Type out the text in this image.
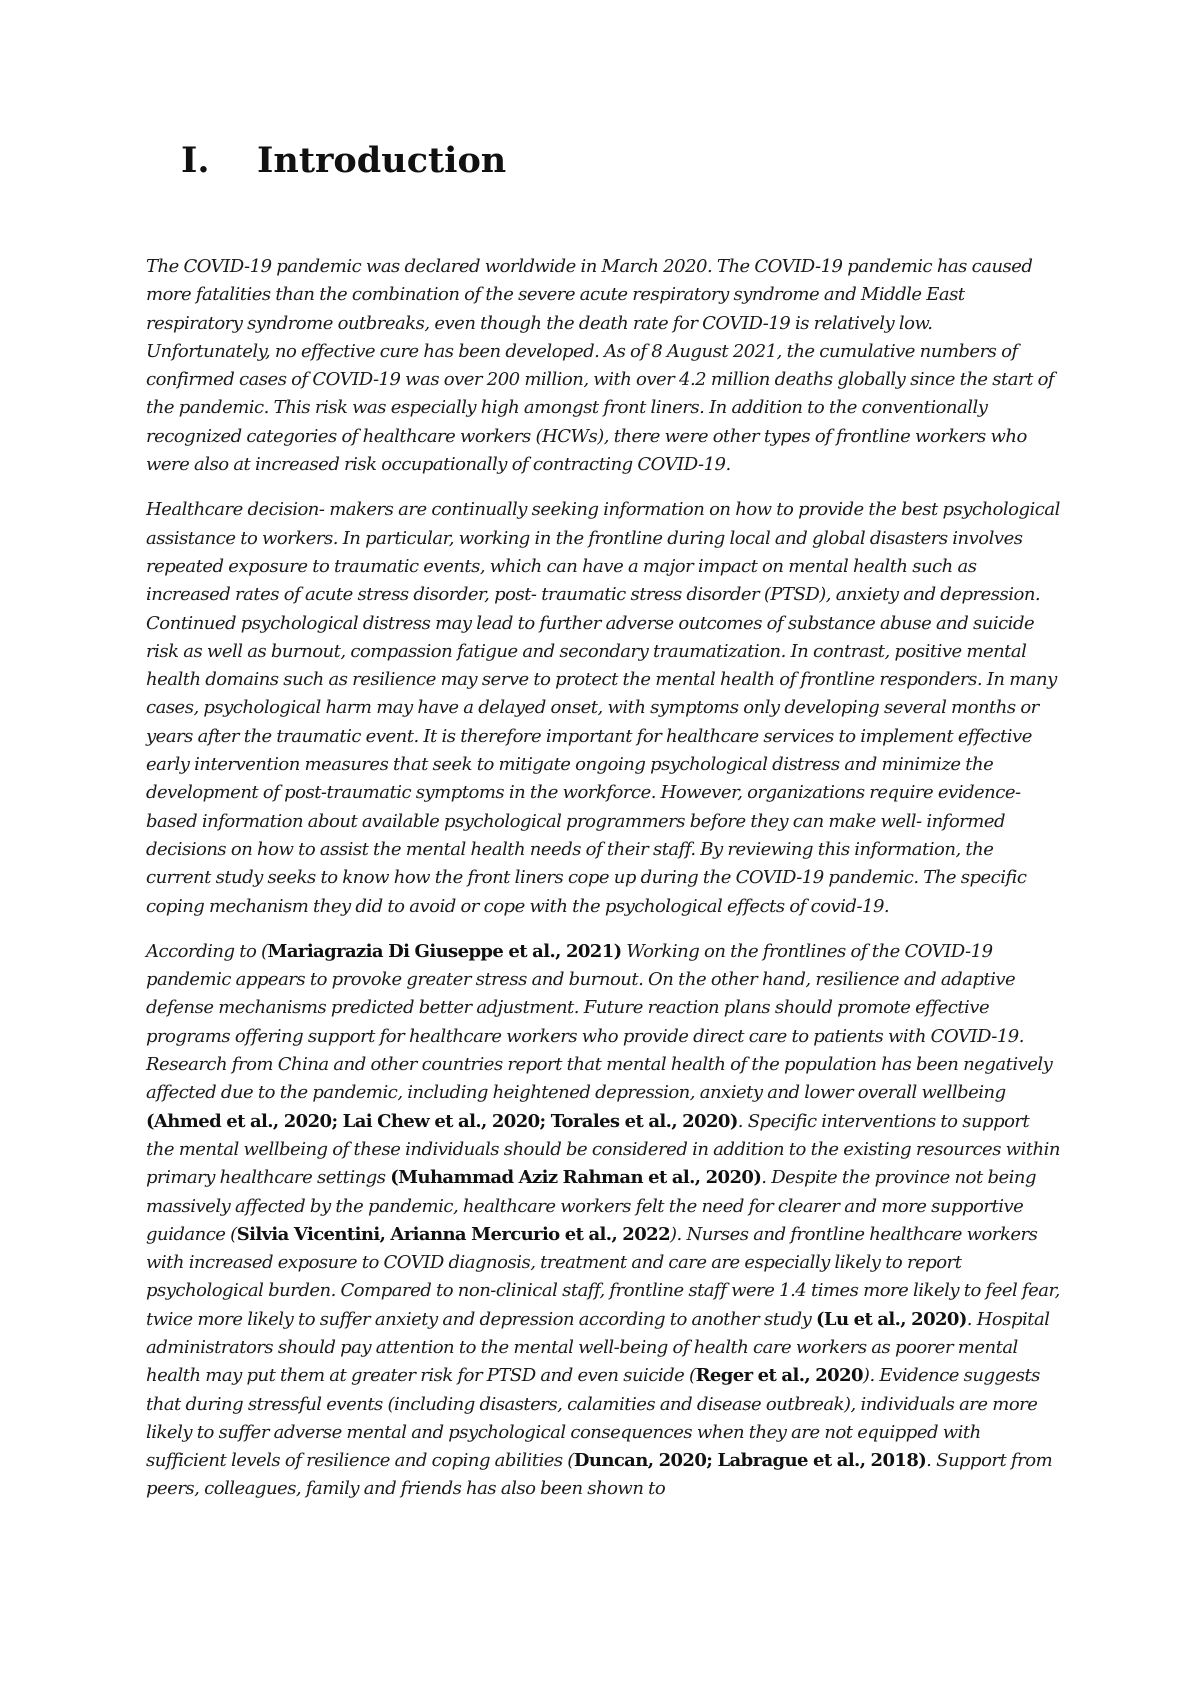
I.	Introduction

The COVID-19 pandemic was declared worldwide in March 2020. The COVID-19 pandemic has caused more fatalities than the combination of the severe acute respiratory syndrome and Middle East respiratory syndrome outbreaks, even though the death rate for COVID-19 is relatively low. Unfortunately, no effective cure has been developed. As of 8 August 2021, the cumulative numbers of confirmed cases of COVID-19 was over 200 million, with over 4.2 million deaths globally since the start of the pandemic. This risk was especially high amongst front liners. In addition to the conventionally recognized categories of healthcare workers (HCWs), there were other types of frontline workers who were also at increased risk occupationally of contracting COVID-19.

Healthcare decision- makers are continually seeking information on how to provide the best psychological assistance to workers. In particular, working in the frontline during local and global disasters involves repeated exposure to traumatic events, which can have a major impact on mental health such as increased rates of acute stress disorder, post- traumatic stress disorder (PTSD), anxiety and depression. Continued psychological distress may lead to further adverse outcomes of substance abuse and suicide risk as well as burnout, compassion fatigue and secondary traumatization. In contrast, positive mental health domains such as resilience may serve to protect the mental health of frontline responders. In many cases, psychological harm may have a delayed onset, with symptoms only developing several months or years after the traumatic event. It is therefore important for healthcare services to implement effective early intervention measures that seek to mitigate ongoing psychological distress and minimize the development of post-traumatic symptoms in the workforce. However, organizations require evidence- based information about available psychological programmers before they can make well- informed decisions on how to assist the mental health needs of their staff. By reviewing this information, the current study seeks to know how the front liners cope up during the COVID-19 pandemic. The specific coping mechanism they did to avoid or cope with the psychological effects of covid-19.

According to (Mariagrazia Di Giuseppe et al., 2021) Working on the frontlines of the COVID-19 pandemic appears to provoke greater stress and burnout. On the other hand, resilience and adaptive defense mechanisms predicted better adjustment. Future reaction plans should promote effective programs offering support for healthcare workers who provide direct care to patients with COVID-19. Research from China and other countries report that mental health of the population has been negatively affected due to the pandemic, including heightened depression, anxiety and lower overall wellbeing (Ahmed et al., 2020; Lai Chew et al., 2020; Torales et al., 2020). Specific interventions to support the mental wellbeing of these individuals should be considered in addition to the existing resources within primary healthcare settings (Muhammad Aziz Rahman et al., 2020). Despite the province not being massively affected by the pandemic, healthcare workers felt the need for clearer and more supportive guidance (Silvia Vicentini, Arianna Mercurio et al., 2022). Nurses and frontline healthcare workers with increased exposure to COVID diagnosis, treatment and care are especially likely to report psychological burden. Compared to non-clinical staff, frontline staff were 1.4 times more likely to feel fear, twice more likely to suffer anxiety and depression according to another study (Lu et al., 2020). Hospital administrators should pay attention to the mental well-being of health care workers as poorer mental health may put them at greater risk for PTSD and even suicide (Reger et al., 2020). Evidence suggests that during stressful events (including disasters, calamities and disease outbreak), individuals are more likely to suffer adverse mental and psychological consequences when they are not equipped with sufficient levels of resilience and coping abilities (Duncan, 2020; Labrague et al., 2018). Support from peers, colleagues, family and friends has also been shown to
